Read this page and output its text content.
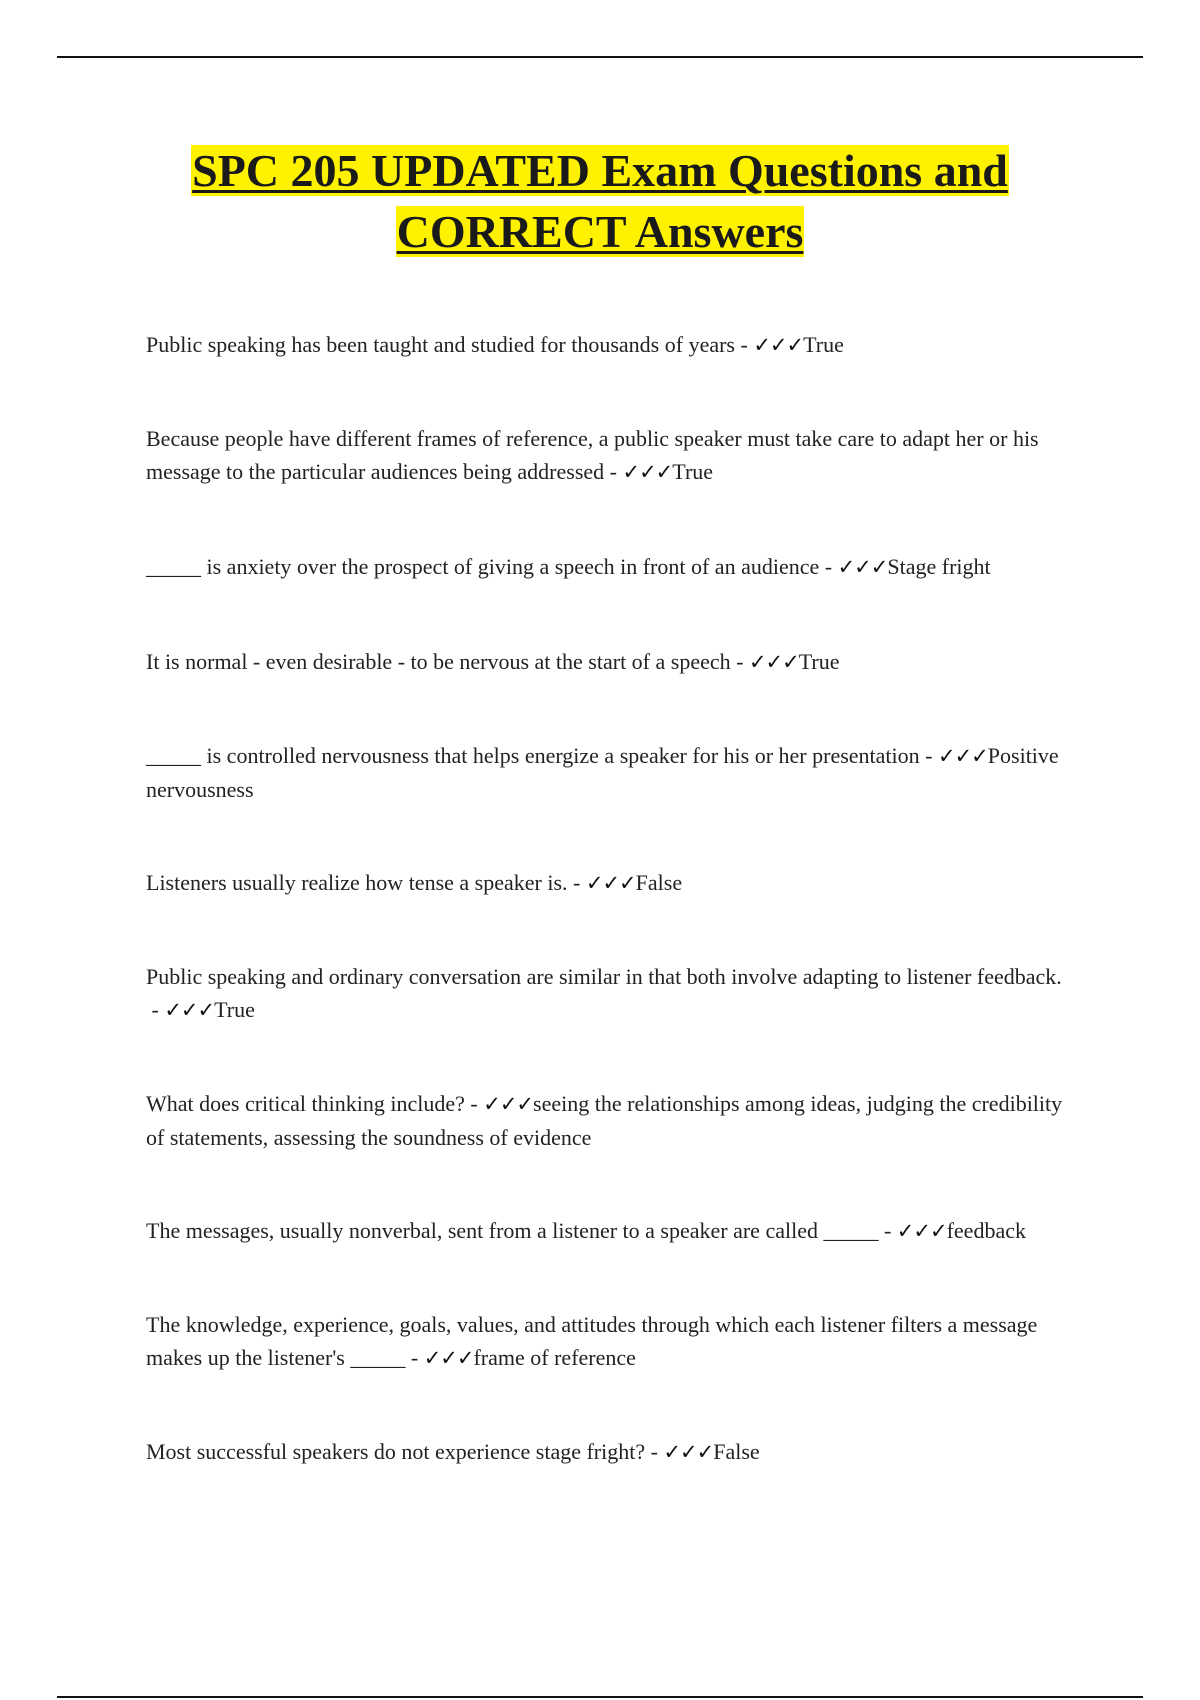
SPC 205 UPDATED Exam Questions and
CORRECT Answers
Public speaking has been taught and studied for thousands of years - ✓✓✓True
Because people have different frames of reference, a public speaker must take care to adapt her or his message to the particular audiences being addressed - ✓✓✓True
_____ is anxiety over the prospect of giving a speech in front of an audience - ✓✓✓Stage fright
It is normal - even desirable - to be nervous at the start of a speech - ✓✓✓True
_____ is controlled nervousness that helps energize a speaker for his or her presentation - ✓✓✓Positive nervousness
Listeners usually realize how tense a speaker is. - ✓✓✓False
Public speaking and ordinary conversation are similar in that both involve adapting to listener feedback. - ✓✓✓True
What does critical thinking include? - ✓✓✓seeing the relationships among ideas, judging the credibility of statements, assessing the soundness of evidence
The messages, usually nonverbal, sent from a listener to a speaker are called _____ - ✓✓✓feedback
The knowledge, experience, goals, values, and attitudes through which each listener filters a message makes up the listener's _____ - ✓✓✓frame of reference
Most successful speakers do not experience stage fright? - ✓✓✓False
